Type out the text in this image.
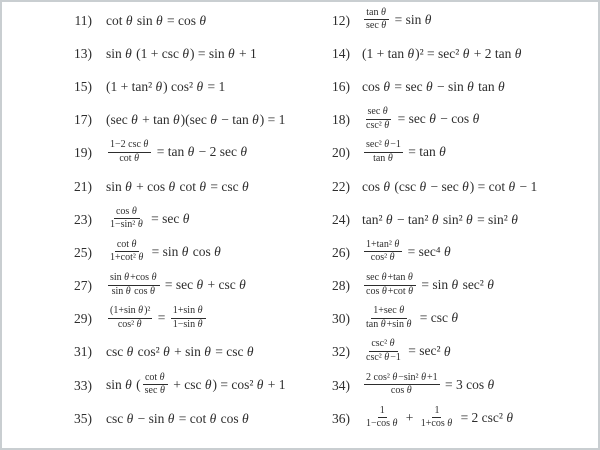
11) cot θ sin θ = cos θ	$12) \frac{\text{tan θ}}{\text{sec θ}} = \sin \theta$
13) sin θ (1 + csc θ) = sin θ + 1	14) (1 + tan θ)² = sec² θ + 2 tan θ
15) (1 + tan² θ) cos² θ = 1	16) cos θ = sec θ − sin θ tan θ
17) (sec θ + tan θ)(sec θ − tan θ) = 1	$18) \frac{\text{sec θ}}{\text{csc² θ}} = \sec \theta - \cos \theta$
$19) \frac{\text{1−2 csc θ}}{\text{cot θ}} = \tan \theta - 2$ sec θ	$20) \frac{\text{sec² θ−1}}{\text{tan θ}} = \tan \theta$
21) sin θ + cos θ cot θ = csc θ	22) cos θ (csc θ − sec θ) = cot θ − 1
$23) \frac{\text{cos θ}}{\text{1−sin² θ}} = \sec \theta$	24) tan² θ − tan² θ sin² θ = sin² θ
$25) \frac{\text{cot θ}}{\text{1+cot² θ}} = \sin \theta$ cos θ	$26) \frac{\text{1+tan² θ}}{\text{cos² θ}} = \sec^4$ θ
$27) \frac{\text{sin θ+cos θ}}{\text{sin θ cos θ}} = \sec \theta + \csc \theta$	$28) \frac{\text{sec θ+tan θ}}{\text{cos θ+cot θ}} = \sin \theta$ sec² θ
$29) \frac{\text{(1+sin θ)²}}{\text{cos² θ}} = \frac{\text{1+sin θ}}{\text{1−sin θ}}$	$30) \frac{\text{1+sec θ}}{\text{tan θ+sin θ}} = \csc \theta$
31) csc θ cos² θ + sin θ = csc θ	$32) \frac{\text{csc² θ}}{\text{csc² θ−1}} = \sec^2$ θ
33) sin θ ( $\frac{\text{cot θ}}{\text{sec θ}} + \csc \theta) = \cos^2$ θ + 1	$34) \frac{\text{2 cos² θ−sin² θ+1}}{\text{cos θ}} = 3$ cos θ
35) csc θ − sin θ = cot θ cos θ	$36) \frac{1}{\text{1−cos θ}} + \frac{1}{\text{1+cos θ}} = 2$ csc² θ
